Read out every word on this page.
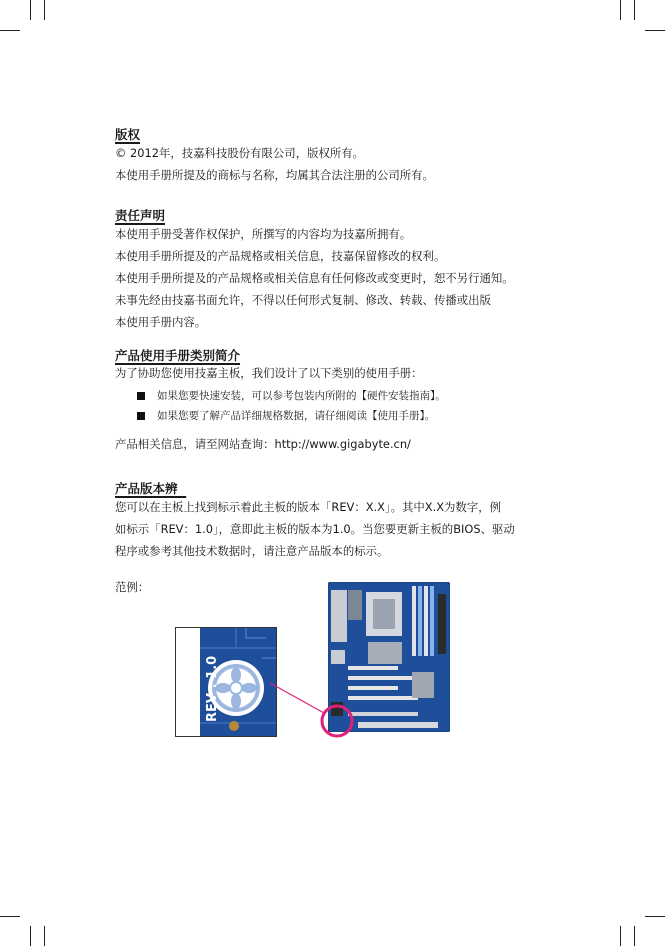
版权
© 2012年，技嘉科技股份有限公司，版权所有。
本使用手册所提及的商标与名称，均属其合法注册的公司所有。
责任声明
本使用手册受著作权保护，所撰写的内容均为技嘉所拥有。
本使用手册所提及的产品规格或相关信息，技嘉保留修改的权利。
本使用手册所提及的产品规格或相关信息有任何修改或变更时，恕不另行通知。
未事先经由技嘉书面允许，不得以任何形式复制、修改、转载、传播或出版
本使用手册内容。
产品使用手册类别简介
为了协助您使用技嘉主板，我们设计了以下类别的使用手册：
如果您要快速安装，可以参考包装内所附的【硬件安装指南】。
如果您要了解产品详细规格数据，请仔细阅读【使用手册】。
产品相关信息，请至网站查询：http://www.gigabyte.cn/
产品版本辨
您可以在主板上找到标示着此主板的版本「REV：X.X」。其中X.X为数字，例
如标示「REV：1.0」，意即此主板的版本为1.0。当您要更新主板的BIOS、驱动
程序或参考其他技术数据时，请注意产品版本的标示。
范例：
REV : 1.0
